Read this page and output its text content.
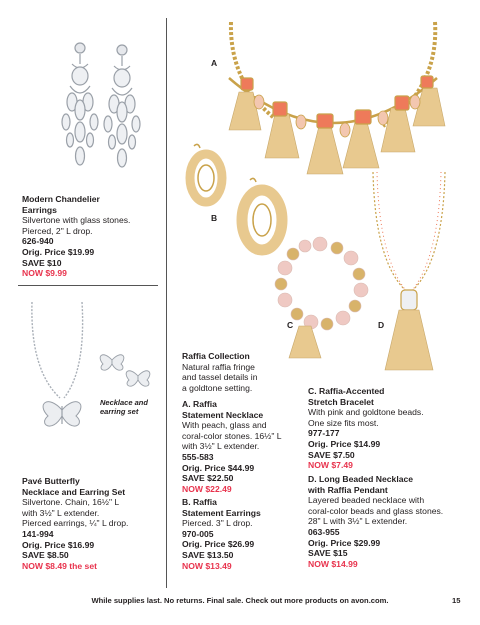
Modern Chandelier Earrings
Silvertone with glass stones.
Pierced, 2" L drop.
626-940
Orig. Price $19.99
SAVE $10
NOW $9.99
Necklace and
earring set
Pavé Butterfly
Necklace and Earring Set
Silvertone. Chain, 16½" L
with 3½" L extender.
Pierced earrings, ¼" L drop.
141-994
Orig. Price $16.99
SAVE $8.50
NOW $8.49 the set
A
B
C	D
Raffia Collection
Natural raffia fringe
and tassel details in
a goldtone setting.
A. Raffia
Statement Necklace
With peach, glass and
coral-color stones. 16½" L
with 3½" L extender.
555-583
Orig. Price $44.99
SAVE $22.50
NOW $22.49
B. Raffia
Statement Earrings
Pierced. 3" L drop.
970-005
Orig. Price $26.99
SAVE $13.50
NOW $13.49
C. Raffia-Accented
Stretch Bracelet
With pink and goldtone beads.
One size fits most.
977-177
Orig. Price $14.99
SAVE $7.50
NOW $7.49
D. Long Beaded Necklace
with Raffia Pendant
Layered beaded necklace with
coral-color beads and glass stones.
28" L with 3½" L extender.
063-955
Orig. Price $29.99
SAVE $15
NOW $14.99
While supplies last. No returns. Final sale. Check out more products on avon.com.	15
